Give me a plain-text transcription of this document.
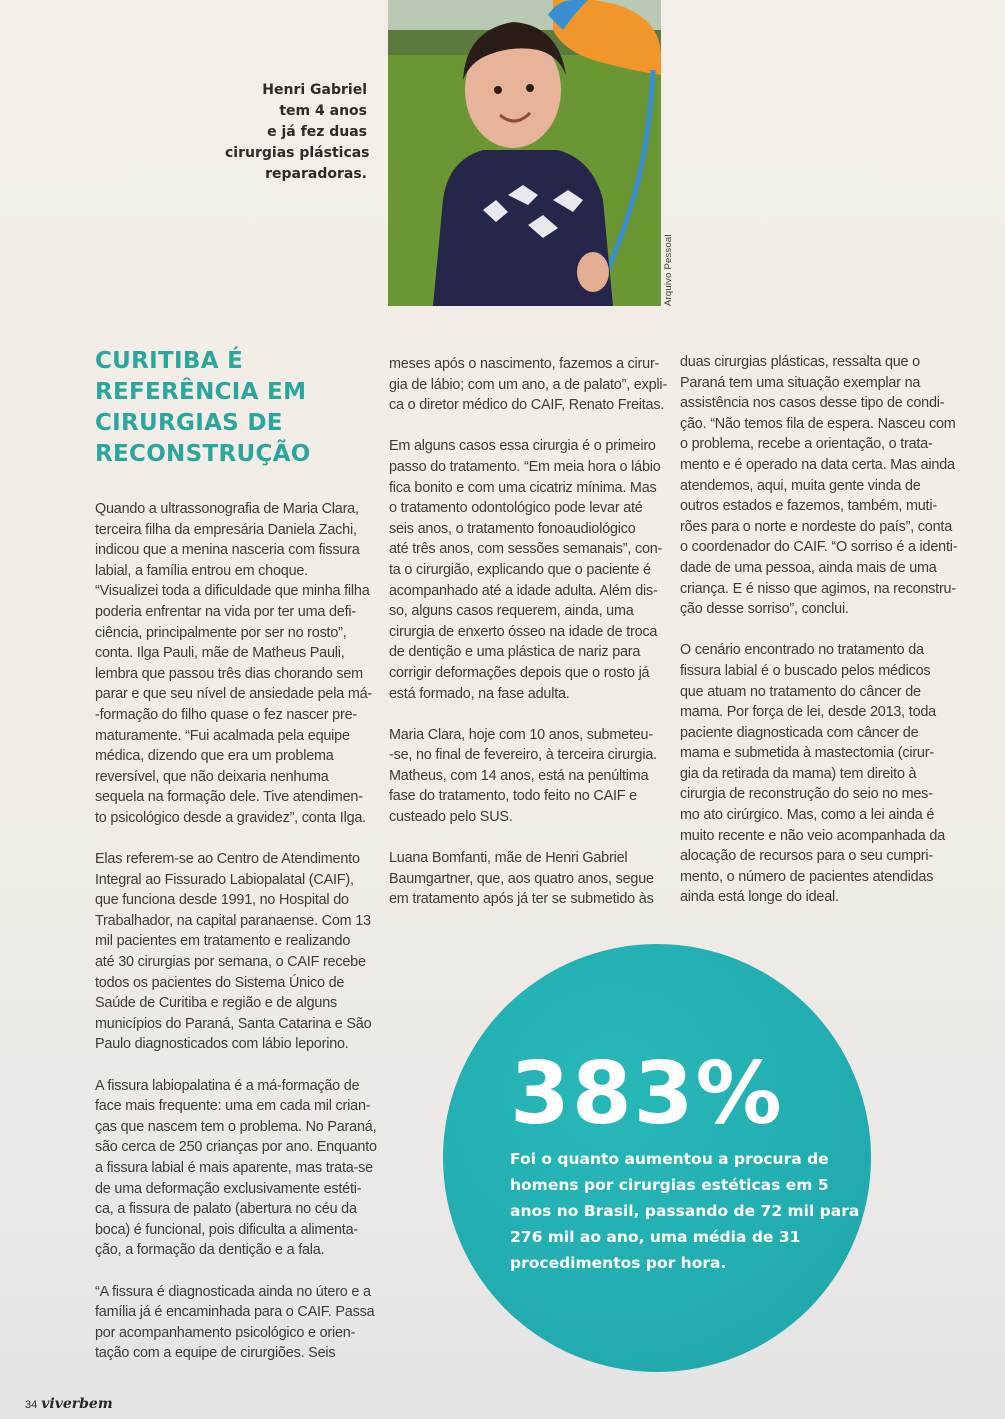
Henri Gabriel
tem 4 anos
e já fez duas
cirurgias plásticas
reparadoras.
Arquivo Pessoal
CURITIBA É
REFERÊNCIA EM
CIRURGIAS DE
RECONSTRUÇÃO
Quando a ultrassonografia de Maria Clara,
terceira filha da empresária Daniela Zachi,
indicou que a menina nasceria com fissura
labial, a família entrou em choque.
“Visualizei toda a dificuldade que minha filha
poderia enfrentar na vida por ter uma defi-
ciência, principalmente por ser no rosto”,
conta. Ilga Pauli, mãe de Matheus Pauli,
lembra que passou três dias chorando sem
parar e que seu nível de ansiedade pela má-
-formação do filho quase o fez nascer pre-
maturamente. “Fui acalmada pela equipe
médica, dizendo que era um problema
reversível, que não deixaria nenhuma
sequela na formação dele. Tive atendimen-
to psicológico desde a gravidez”, conta Ilga.
Elas referem-se ao Centro de Atendimento
Integral ao Fissurado Labiopalatal (CAIF),
que funciona desde 1991, no Hospital do
Trabalhador, na capital paranaense. Com 13
mil pacientes em tratamento e realizando
até 30 cirurgias por semana, o CAIF recebe
todos os pacientes do Sistema Único de
Saúde de Curitiba e região e de alguns
municípios do Paraná, Santa Catarina e São
Paulo diagnosticados com lábio leporino.
A fissura labiopalatina é a má-formação de
face mais frequente: uma em cada mil crian-
ças que nascem tem o problema. No Paraná,
são cerca de 250 crianças por ano. Enquanto
a fissura labial é mais aparente, mas trata-se
de uma deformação exclusivamente estéti-
ca, a fissura de palato (abertura no céu da
boca) é funcional, pois dificulta a alimenta-
ção, a formação da dentição e a fala.
“A fissura é diagnosticada ainda no útero e a
família já é encaminhada para o CAIF. Passa
por acompanhamento psicológico e orien-
tação com a equipe de cirurgiões. Seis
meses após o nascimento, fazemos a cirur-
gia de lábio; com um ano, a de palato”, expli-
ca o diretor médico do CAIF, Renato Freitas.
Em alguns casos essa cirurgia é o primeiro
passo do tratamento. “Em meia hora o lábio
fica bonito e com uma cicatriz mínima. Mas
o tratamento odontológico pode levar até
seis anos, o tratamento fonoaudiológico
até três anos, com sessões semanais”, con-
ta o cirurgião, explicando que o paciente é
acompanhado até a idade adulta. Além dis-
so, alguns casos requerem, ainda, uma
cirurgia de enxerto ósseo na idade de troca
de dentição e uma plástica de nariz para
corrigir deformações depois que o rosto já
está formado, na fase adulta.
Maria Clara, hoje com 10 anos, submeteu-
-se, no final de fevereiro, à terceira cirurgia.
Matheus, com 14 anos, está na penúltima
fase do tratamento, todo feito no CAIF e
custeado pelo SUS.
Luana Bomfanti, mãe de Henri Gabriel
Baumgartner, que, aos quatro anos, segue
em tratamento após já ter se submetido às
duas cirurgias plásticas, ressalta que o
Paraná tem uma situação exemplar na
assistência nos casos desse tipo de condi-
ção. “Não temos fila de espera. Nasceu com
o problema, recebe a orientação, o trata-
mento e é operado na data certa. Mas ainda
atendemos, aqui, muita gente vinda de
outros estados e fazemos, também, muti-
rões para o norte e nordeste do país”, conta
o coordenador do CAIF. “O sorriso é a identi-
dade de uma pessoa, ainda mais de uma
criança. E é nisso que agimos, na reconstru-
ção desse sorriso”, conclui.
O cenário encontrado no tratamento da
fissura labial é o buscado pelos médicos
que atuam no tratamento do câncer de
mama. Por força de lei, desde 2013, toda
paciente diagnosticada com câncer de
mama e submetida à mastectomia (cirur-
gia da retirada da mama) tem direito à
cirurgia de reconstrução do seio no mes-
mo ato cirúrgico. Mas, como a lei ainda é
muito recente e não veio acompanhada da
alocação de recursos para o seu cumpri-
mento, o número de pacientes atendidas
ainda está longe do ideal.
383%
Foi o quanto aumentou a procura de
homens por cirurgias estéticas em 5
anos no Brasil, passando de 72 mil para
276 mil ao ano, uma média de 31
procedimentos por hora.
34 viverbem
